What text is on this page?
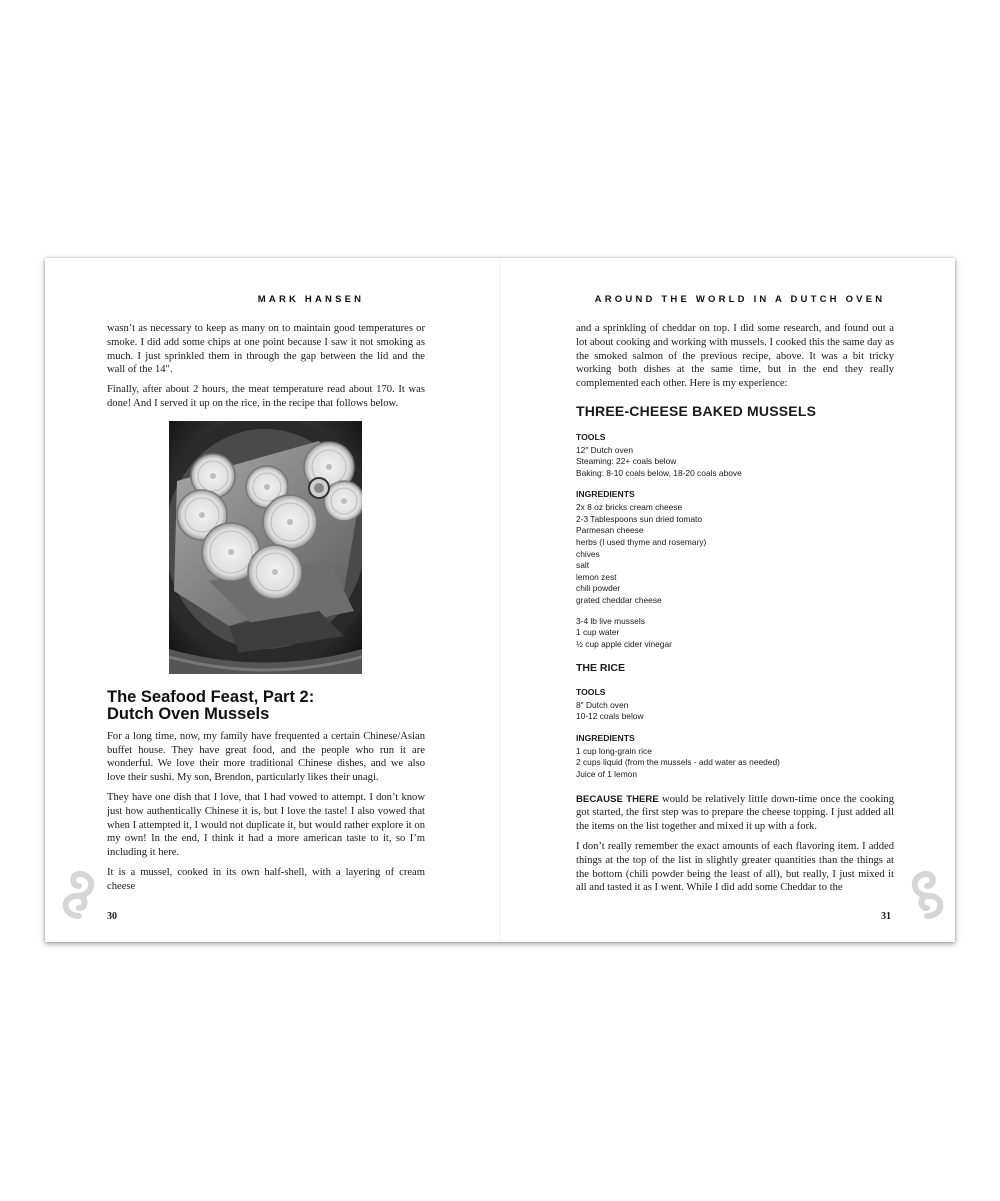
MARK HANSEN

wasn’t as necessary to keep as many on to maintain good temperatures or smoke. I did add some chips at one point because I saw it not smoking as much. I just sprinkled them in through the gap between the lid and the wall of the 14″.

Finally, after about 2 hours, the meat temperature read about 170. It was done! And I served it up on the rice, in the recipe that follows below.

The Seafood Feast, Part 2:
Dutch Oven Mussels

For a long time, now, my family have frequented a certain Chinese/Asian buffet house. They have great food, and the people who run it are wonderful. We love their more traditional Chinese dishes, and we also love their sushi. My son, Brendon, particularly likes their unagi.

They have one dish that I love, that I had vowed to attempt. I don’t know just how authentically Chinese it is, but I love the taste! I also vowed that when I attempted it, I would not duplicate it, but would rather explore it on my own! In the end, I think it had a more american taste to it, so I’m including it here.

It is a mussel, cooked in its own half-shell, with a layering of cream cheese

30
AROUND THE WORLD IN A DUTCH OVEN

and a sprinkling of cheddar on top. I did some research, and found out a lot about cooking and working with mussels. I cooked this the same day as the smoked salmon of the previous recipe, above. It was a bit tricky working both dishes at the same time, but in the end they really complemented each other. Here is my experience:

THREE-CHEESE BAKED MUSSELS
TOOLS
12″ Dutch oven
Steaming: 22+ coals below
Baking: 8-10 coals below, 18-20 coals above
INGREDIENTS
2x 8 oz bricks cream cheese
2-3 Tablespoons sun dried tomato
Parmesan cheese
herbs (I used thyme and rosemary)
chives
salt
lemon zest
chili powder
grated cheddar cheese
3-4 lb live mussels
1 cup water
½ cup apple cider vinegar
THE RICE
TOOLS
8″ Dutch oven
10-12 coals below
INGREDIENTS
1 cup long-grain rice
2 cups liquid (from the mussels - add water as needed)
Juice of 1 lemon

BECAUSE THERE would be relatively little down-time once the cooking got started, the first step was to prepare the cheese topping. I just added all the items on the list together and mixed it up with a fork.

I don’t really remember the exact amounts of each flavoring item. I added things at the top of the list in slightly greater quantities than the things at the bottom (chili powder being the least of all), but really, I just mixed it all and tasted it as I went. While I did add some Cheddar to the

31
